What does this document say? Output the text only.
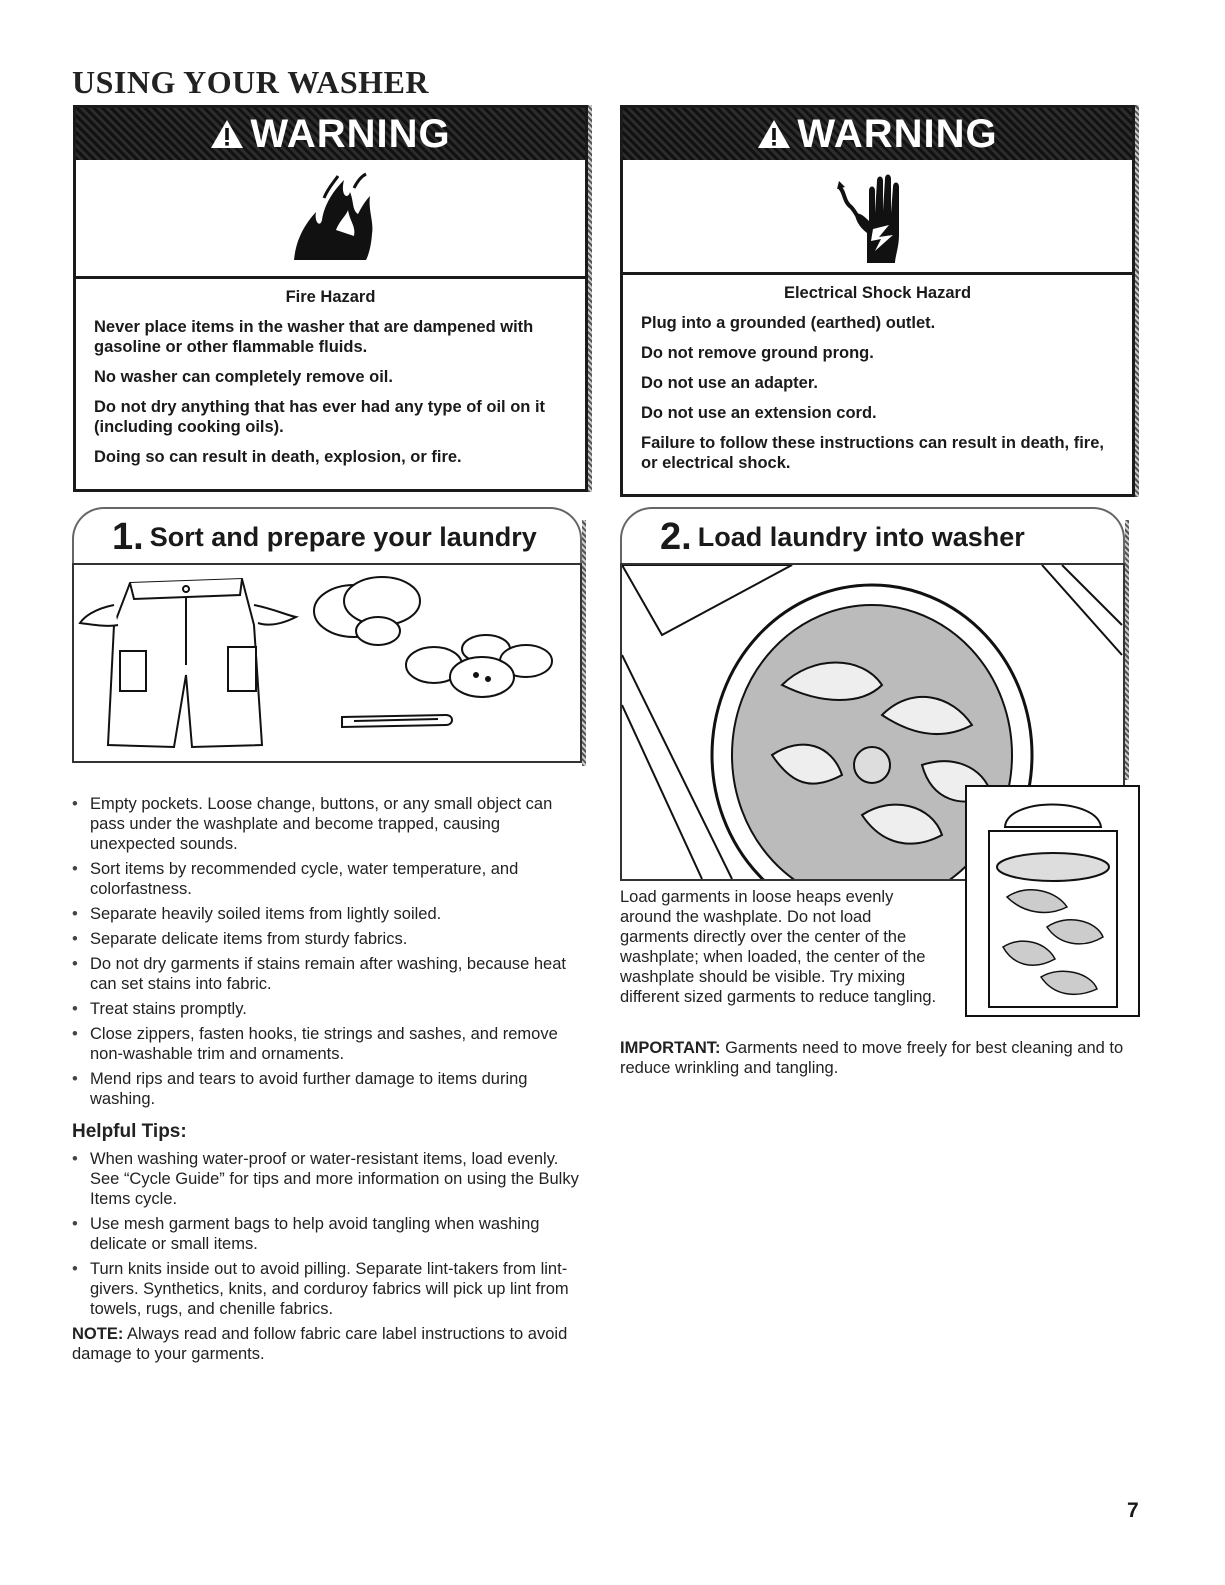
USING YOUR WASHER
WARNING
Fire Hazard

Never place items in the washer that are dampened with gasoline or other flammable fluids.

No washer can completely remove oil.

Do not dry anything that has ever had any type of oil on it (including cooking oils).

Doing so can result in death, explosion, or fire.

WARNING
Electrical Shock Hazard

Plug into a grounded (earthed) outlet.

Do not remove ground prong.

Do not use an adapter.

Do not use an extension cord.

Failure to follow these instructions can result in death, fire, or electrical shock.

1. Sort and prepare your laundry
• Empty pockets. Loose change, buttons, or any small object can pass under the washplate and become trapped, causing unexpected sounds.
• Sort items by recommended cycle, water temperature, and colorfastness.
• Separate heavily soiled items from lightly soiled.
• Separate delicate items from sturdy fabrics.
• Do not dry garments if stains remain after washing, because heat can set stains into fabric.
• Treat stains promptly.
• Close zippers, fasten hooks, tie strings and sashes, and remove non-washable trim and ornaments.
• Mend rips and tears to avoid further damage to items during washing.
Helpful Tips:
• When washing water-proof or water-resistant items, load evenly. See “Cycle Guide” for tips and more information on using the Bulky Items cycle.
• Use mesh garment bags to help avoid tangling when washing delicate or small items.
• Turn knits inside out to avoid pilling. Separate lint-takers from lint-givers. Synthetics, knits, and corduroy fabrics will pick up lint from towels, rugs, and chenille fabrics.
NOTE: Always read and follow fabric care label instructions to avoid damage to your garments.
2. Load laundry into washer
Load garments in loose heaps evenly around the washplate. Do not load garments directly over the center of the washplate; when loaded, the center of the washplate should be visible. Try mixing different sized garments to reduce tangling.
IMPORTANT: Garments need to move freely for best cleaning and to reduce wrinkling and tangling.
7
